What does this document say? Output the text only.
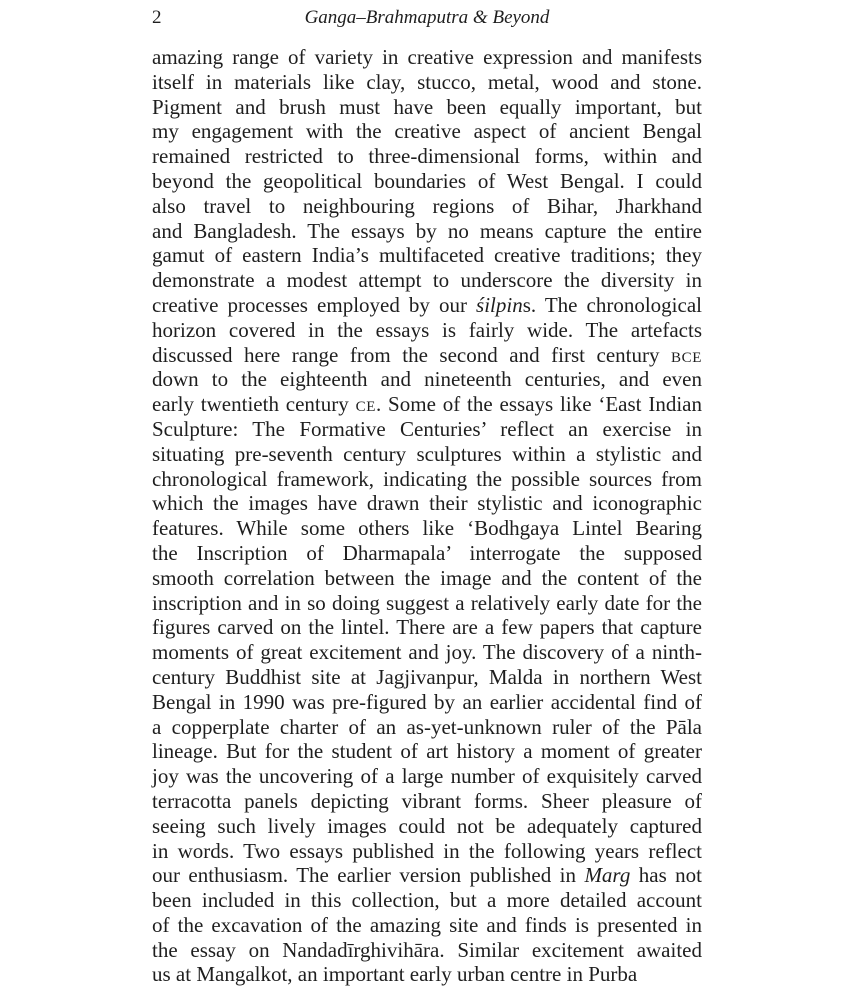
2	Ganga–Brahmaputra & Beyond
amazing range of variety in creative expression and manifests
itself in materials like clay, stucco, metal, wood and stone.
Pigment and brush must have been equally important, but
my engagement with the creative aspect of ancient Bengal
remained restricted to three-dimensional forms, within and
beyond the geopolitical boundaries of West Bengal. I could
also travel to neighbouring regions of Bihar, Jharkhand
and Bangladesh. The essays by no means capture the entire
gamut of eastern India’s multifaceted creative traditions; they
demonstrate a modest attempt to underscore the diversity in
creative processes employed by our śilpins. The chronological
horizon covered in the essays is fairly wide. The artefacts
discussed here range from the second and first century BCE
down to the eighteenth and nineteenth centuries, and even
early twentieth century CE. Some of the essays like ‘East Indian
Sculpture: The Formative Centuries’ reflect an exercise in
situating pre-seventh century sculptures within a stylistic and
chronological framework, indicating the possible sources from
which the images have drawn their stylistic and iconographic
features. While some others like ‘Bodhgaya Lintel Bearing
the Inscription of Dharmapala’ interrogate the supposed
smooth correlation between the image and the content of the
inscription and in so doing suggest a relatively early date for the
figures carved on the lintel. There are a few papers that capture
moments of great excitement and joy. The discovery of a ninth-
century Buddhist site at Jagjivanpur, Malda in northern West
Bengal in 1990 was pre-figured by an earlier accidental find of
a copperplate charter of an as-yet-unknown ruler of the Pāla
lineage. But for the student of art history a moment of greater
joy was the uncovering of a large number of exquisitely carved
terracotta panels depicting vibrant forms. Sheer pleasure of
seeing such lively images could not be adequately captured
in words. Two essays published in the following years reflect
our enthusiasm. The earlier version published in Marg has not
been included in this collection, but a more detailed account
of the excavation of the amazing site and finds is presented in
the essay on Nandadīrghivihāra. Similar excitement awaited
us at Mangalkot, an important early urban centre in Purba
